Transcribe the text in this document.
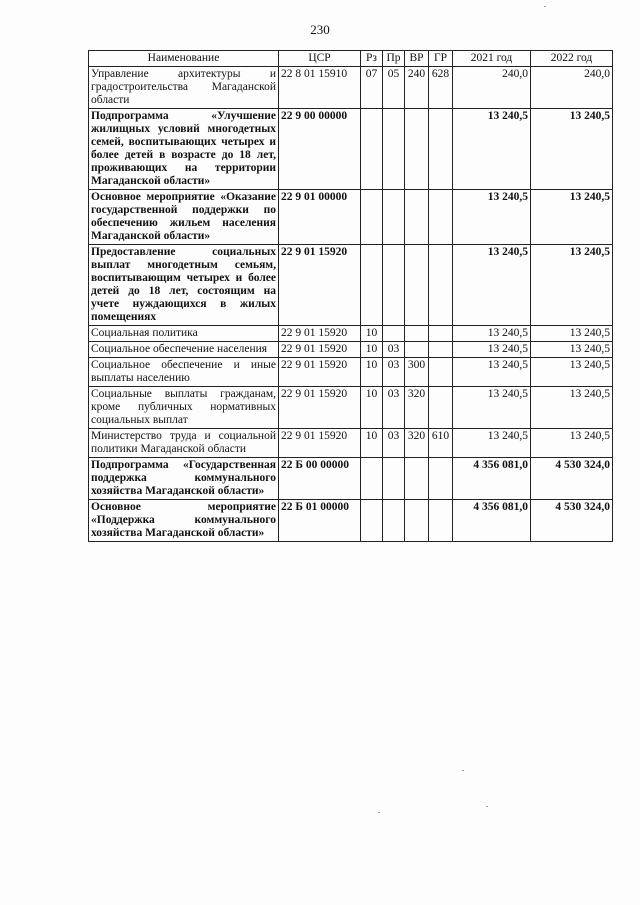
230
Наименование	ЦСР	Рз	Пр	ВР	ГР	2021 год	2022 год
Управление архитектуры и градостроительства Магаданской области	22 8 01 15910	07	05	240	628	240,0	240,0
Подпрограмма «Улучшение жилищных условий многодетных семей, воспитывающих четырех и более детей в возрасте до 18 лет, проживающих на территории Магаданской области»	22 9 00 00000					13 240,5	13 240,5
Основное мероприятие «Оказание государственной поддержки по обеспечению жильем населения Магаданской области»	22 9 01 00000					13 240,5	13 240,5
Предоставление социальных выплат многодетным семьям, воспитывающим четырех и более детей до 18 лет, состоящим на учете нуждающихся в жилых помещениях	22 9 01 15920					13 240,5	13 240,5
Социальная политика	22 9 01 15920	10				13 240,5	13 240,5
Социальное обеспечение населения	22 9 01 15920	10	03			13 240,5	13 240,5
Социальное обеспечение и иные выплаты населению	22 9 01 15920	10	03	300		13 240,5	13 240,5
Социальные выплаты гражданам, кроме публичных нормативных социальных выплат	22 9 01 15920	10	03	320		13 240,5	13 240,5
Министерство труда и социальной политики Магаданской области	22 9 01 15920	10	03	320	610	13 240,5	13 240,5
Подпрограмма «Государственная поддержка коммунального хозяйства Магаданской области»	22 Б 00 00000					4 356 081,0	4 530 324,0
Основное мероприятие «Поддержка коммунального хозяйства Магаданской области»	22 Б 01 00000					4 356 081,0	4 530 324,0
